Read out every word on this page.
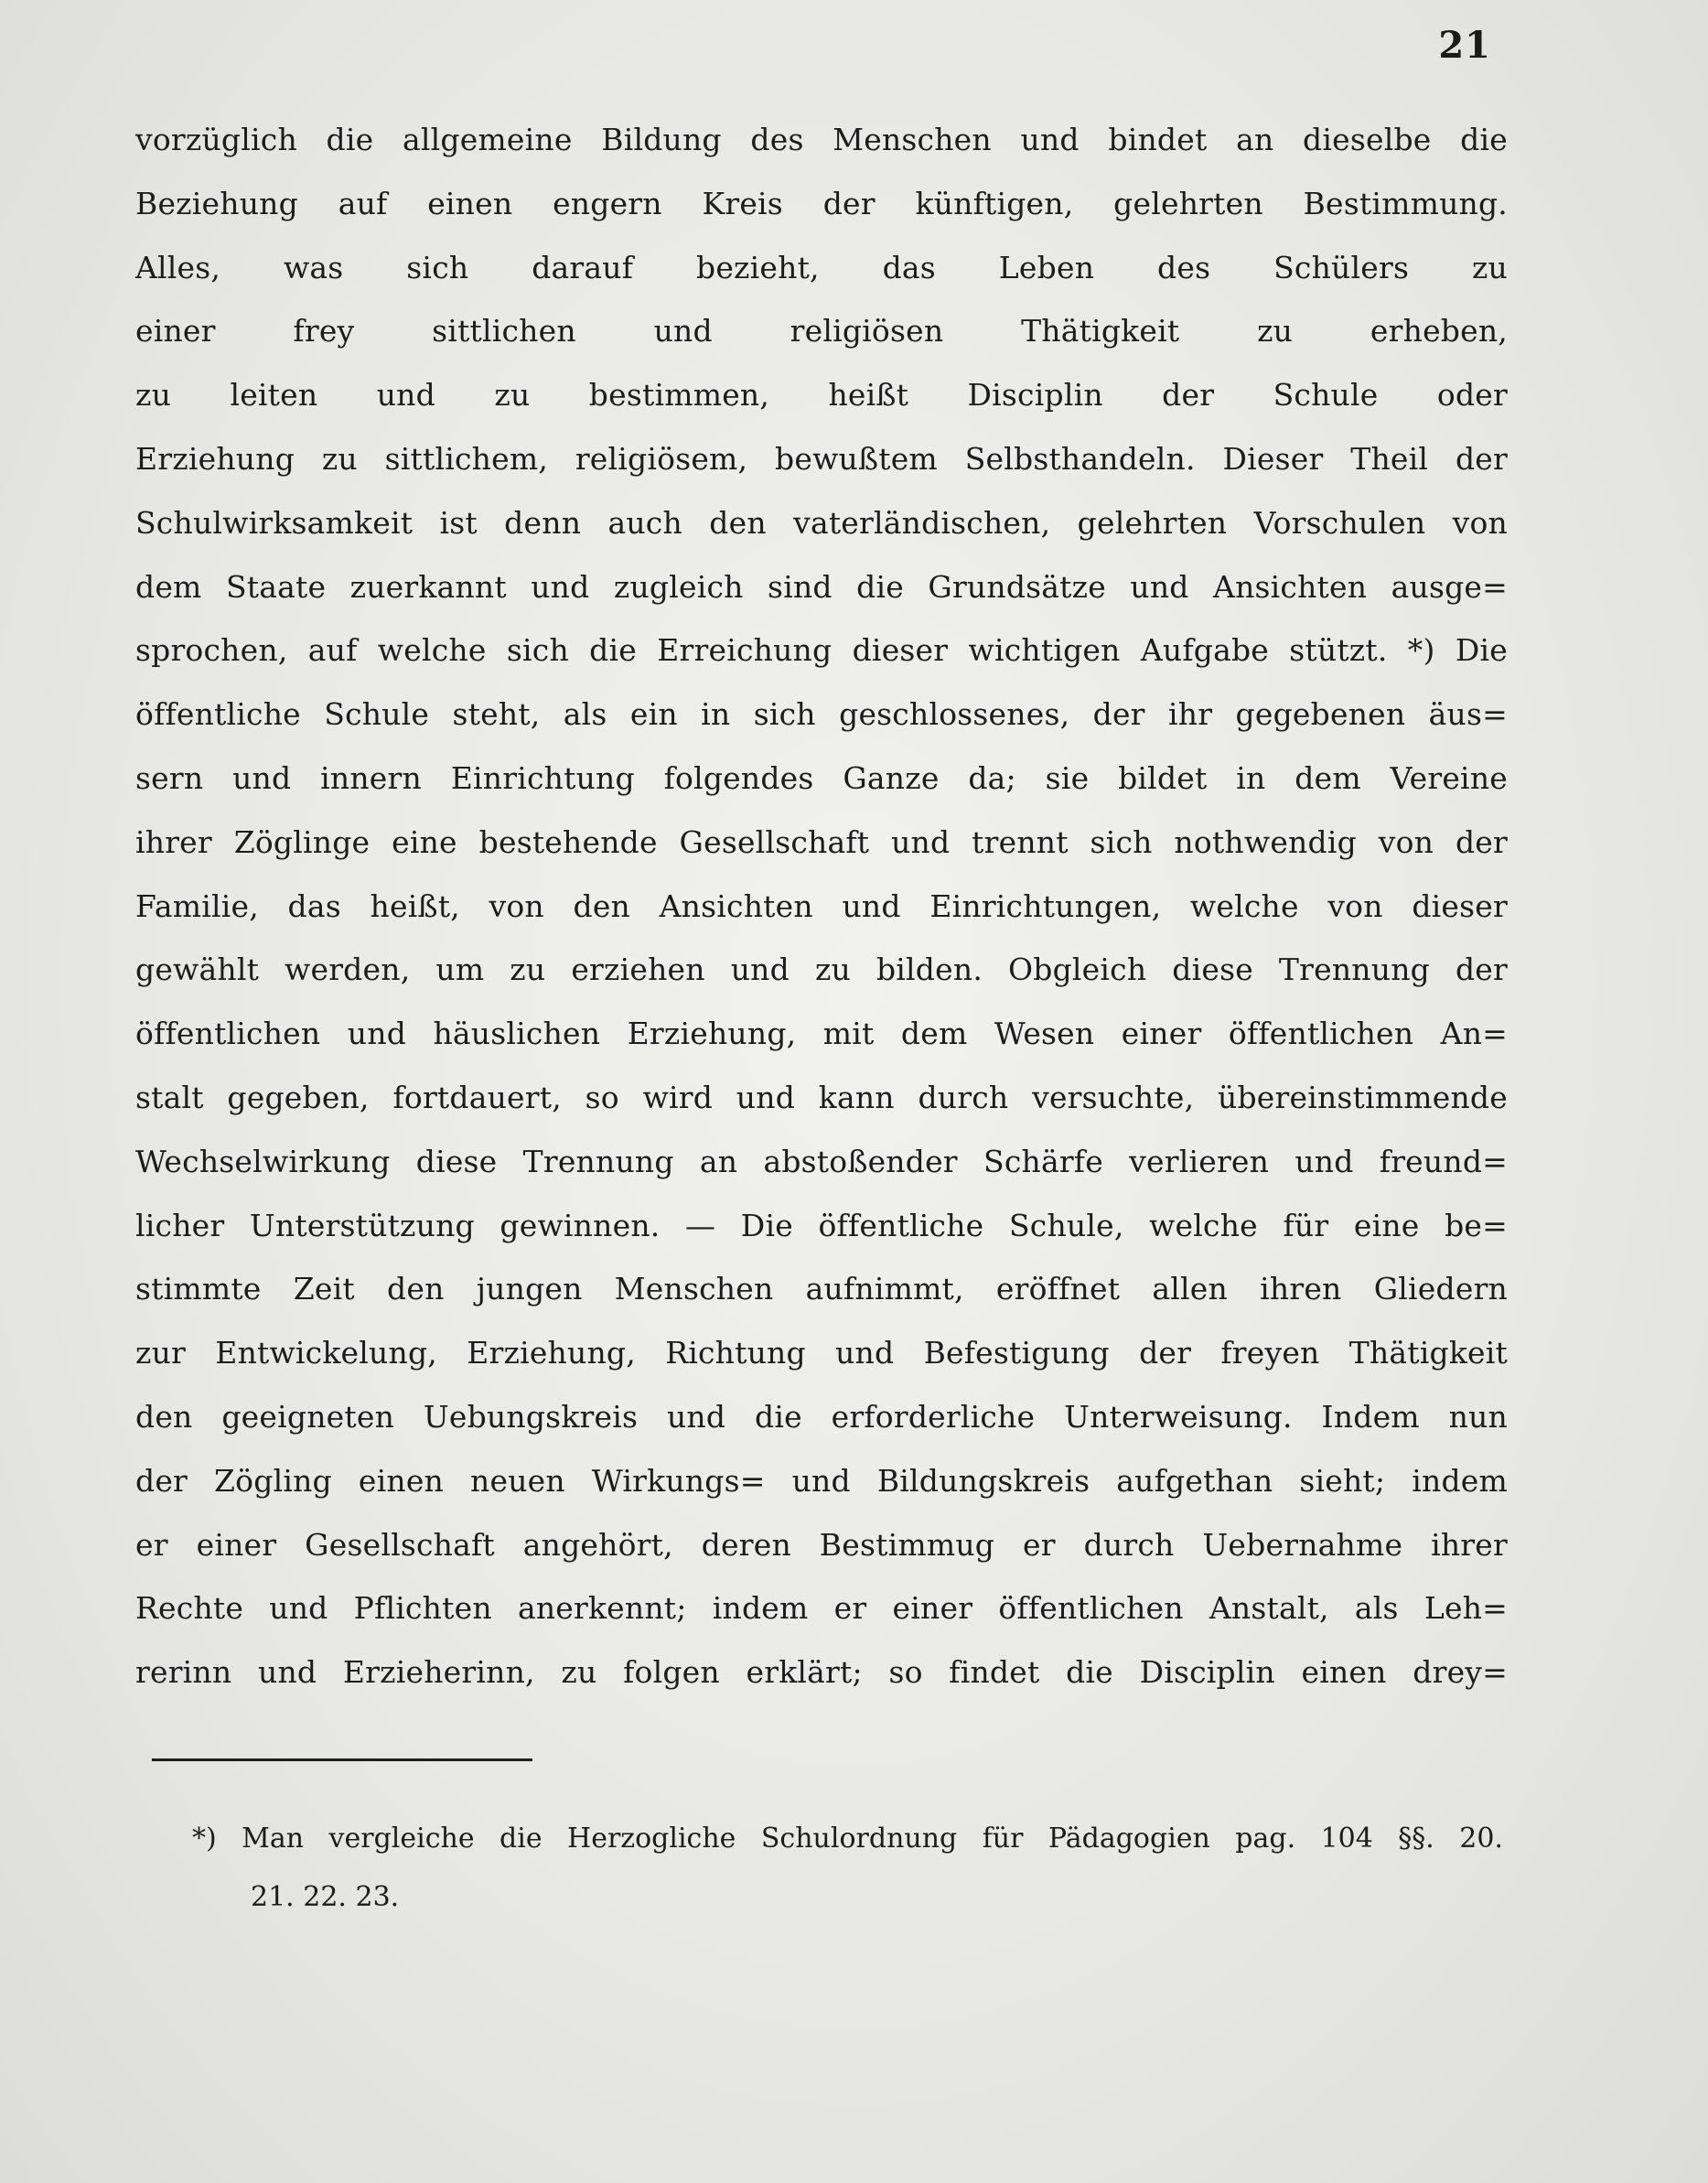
21
vorzüglich die allgemeine Bildung des Menschen und bindet an dieselbe die
Beziehung auf einen engern Kreis der künftigen, gelehrten Bestimmung.
Alles, was sich darauf bezieht, das Leben des Schülers zu
einer frey sittlichen und religiösen Thätigkeit zu erheben,
zu leiten und zu bestimmen, heißt Disciplin der Schule oder
Erziehung zu sittlichem, religiösem, bewußtem Selbsthandeln. Dieser Theil der
Schulwirksamkeit ist denn auch den vaterländischen, gelehrten Vorschulen von
dem Staate zuerkannt und zugleich sind die Grundsätze und Ansichten ausge=
sprochen, auf welche sich die Erreichung dieser wichtigen Aufgabe stützt. *) Die
öffentliche Schule steht, als ein in sich geschlossenes, der ihr gegebenen äus=
sern und innern Einrichtung folgendes Ganze da; sie bildet in dem Vereine
ihrer Zöglinge eine bestehende Gesellschaft und trennt sich nothwendig von der
Familie, das heißt, von den Ansichten und Einrichtungen, welche von dieser
gewählt werden, um zu erziehen und zu bilden. Obgleich diese Trennung der
öffentlichen und häuslichen Erziehung, mit dem Wesen einer öffentlichen An=
stalt gegeben, fortdauert, so wird und kann durch versuchte, übereinstimmende
Wechselwirkung diese Trennung an abstoßender Schärfe verlieren und freund=
licher Unterstützung gewinnen. — Die öffentliche Schule, welche für eine be=
stimmte Zeit den jungen Menschen aufnimmt, eröffnet allen ihren Gliedern
zur Entwickelung, Erziehung, Richtung und Befestigung der freyen Thätigkeit
den geeigneten Uebungskreis und die erforderliche Unterweisung. Indem nun
der Zögling einen neuen Wirkungs= und Bildungskreis aufgethan sieht; indem
er einer Gesellschaft angehört, deren Bestimmug er durch Uebernahme ihrer
Rechte und Pflichten anerkennt; indem er einer öffentlichen Anstalt, als Leh=
rerinn und Erzieherinn, zu folgen erklärt; so findet die Disciplin einen drey=
*) Man vergleiche die Herzogliche Schulordnung für Pädagogien pag. 104 §§. 20.
21. 22. 23.
